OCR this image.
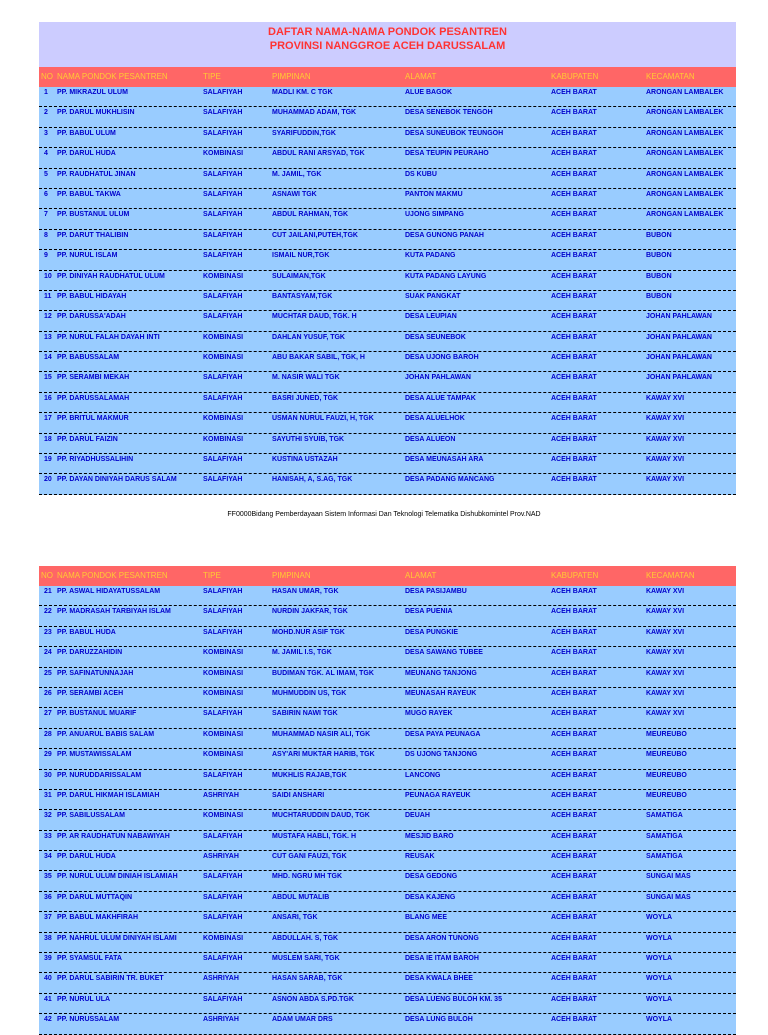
DAFTAR NAMA-NAMA PONDOK PESANTREN
PROVINSI NANGGROE ACEH DARUSSALAM
NO NAMA PONDOK PESANTREN	TIPE	PIMPINAN	ALAMAT	KABUPATEN	KECAMATAN
1	PP. MIKRAZUL ULUM	SALAFIYAH	MADLI KM. C TGK	ALUE BAGOK	ACEH BARAT	ARONGAN LAMBALEK
2	PP. DARUL MUKHLISIN	SALAFIYAH	MUHAMMAD ADAM, TGK	DESA SENEBOK TENGOH	ACEH BARAT	ARONGAN LAMBALEK
3	PP. BABUL ULUM	SALAFIYAH	SYARIFUDDIN,TGK	DESA SUNEUBOK TEUNGOH	ACEH BARAT	ARONGAN LAMBALEK
4	PP. DARUL HUDA	KOMBINASI	ABDUL RANI ARSYAD, TGK	DESA TEUPIN PEURAHO	ACEH BARAT	ARONGAN LAMBALEK
5	PP. RAUDHATUL JINAN	SALAFIYAH	M. JAMIL, TGK	DS KUBU	ACEH BARAT	ARONGAN LAMBALEK
6	PP. BABUL TAKWA	SALAFIYAH	ASNAWI TGK	PANTON MAKMU	ACEH BARAT	ARONGAN LAMBALEK
7	PP. BUSTANUL ULUM	SALAFIYAH	ABDUL RAHMAN, TGK	UJONG SIMPANG	ACEH BARAT	ARONGAN LAMBALEK
8	PP. DARUT THALIBIN	SALAFIYAH	CUT JAILANI,PUTEH,TGK	DESA GUNONG PANAH	ACEH BARAT	BUBON
9	PP. NURUL ISLAM	SALAFIYAH	ISMAIL NUR,TGK	KUTA PADANG	ACEH BARAT	BUBON
10 PP. DINIYAH RAUDHATUL ULUM	KOMBINASI	SULAIMAN,TGK	KUTA PADANG LAYUNG	ACEH BARAT	BUBON
11 PP. BABUL HIDAYAH	SALAFIYAH	BANTASYAM,TGK	SUAK PANGKAT	ACEH BARAT	BUBON
12 PP. DARUSSA'ADAH	SALAFIYAH	MUCHTAR DAUD, TGK. H	DESA LEUPIAN	ACEH BARAT	JOHAN PAHLAWAN
13 PP. NURUL FALAH DAYAH INTI	KOMBINASI	DAHLAN YUSUF, TGK	DESA SEUNEBOK	ACEH BARAT	JOHAN PAHLAWAN
14 PP. BABUSSALAM	KOMBINASI	ABU BAKAR SABIL, TGK, H	DESA UJONG BAROH	ACEH BARAT	JOHAN PAHLAWAN
15 PP. SERAMBI MEKAH	SALAFIYAH	M. NASIR WALI TGK	JOHAN PAHLAWAN	ACEH BARAT	JOHAN PAHLAWAN
16 PP. DARUSSALAMAH	SALAFIYAH	BASRI JUNED, TGK	DESA ALUE TAMPAK	ACEH BARAT	KAWAY XVI
17 PP. BRITUL MAKMUR	KOMBINASI	USMAN NURUL FAUZI, H, TGK	DESA ALUELHOK	ACEH BARAT	KAWAY XVI
18 PP. DARUL FAIZIN	KOMBINASI	SAYUTHI SYUIB, TGK	DESA ALUEON	ACEH BARAT	KAWAY XVI
19 PP. RIYADHUSSALIHIN	SALAFIYAH	KUSTINA USTAZAH	DESA MEUNASAH ARA	ACEH BARAT	KAWAY XVI
20 PP. DAYAN DINIYAH DARUS SALAM	SALAFIYAH	HANISAH, A, S.AG, TGK	DESA PADANG MANCANG	ACEH BARAT	KAWAY XVI
FF0000Bidang Pemberdayaan Sistem Informasi Dan Teknologi Telematika Dishubkomintel Prov.NAD
NO NAMA PONDOK PESANTREN	TIPE	PIMPINAN	ALAMAT	KABUPATEN	KECAMATAN
21 PP. ASWAL HIDAYATUSSALAM	SALAFIYAH	HASAN UMAR, TGK	DESA PASIJAMBU	ACEH BARAT	KAWAY XVI
22 PP. MADRASAH TARBIYAH ISLAM	SALAFIYAH	NURDIN JAKFAR, TGK	DESA PUENIA	ACEH BARAT	KAWAY XVI
23 PP. BABUL HUDA	SALAFIYAH	MOHD.NUR ASIF TGK	DESA PUNGKIE	ACEH BARAT	KAWAY XVI
24 PP. DARUZZAHIDIN	KOMBINASI	M. JAMIL I.S, TGK	DESA SAWANG TUBEE	ACEH BARAT	KAWAY XVI
25 PP. SAFINATUNNAJAH	KOMBINASI	BUDIMAN TGK. AL IMAM, TGK	MEUNANG TANJONG	ACEH BARAT	KAWAY XVI
26 PP. SERAMBI ACEH	KOMBINASI	MUHMUDDIN US, TGK	MEUNASAH RAYEUK	ACEH BARAT	KAWAY XVI
27 PP. BUSTANUL MUARIF	SALAFIYAH	SABIRIN NAWI TGK	MUGO RAYEK	ACEH BARAT	KAWAY XVI
28 PP. ANUARUL BABIS SALAM	KOMBINASI	MUHAMMAD NASIR ALI, TGK	DESA PAYA PEUNAGA	ACEH BARAT	MEUREUBO
29 PP. MUSTAWISSALAM	KOMBINASI	ASY'ARI MUKTAR HARIB, TGK	DS UJONG TANJONG	ACEH BARAT	MEUREUBO
30 PP. NURUDDARISSALAM	SALAFIYAH	MUKHLIS RAJAB,TGK	LANCONG	ACEH BARAT	MEUREUBO
31 PP. DARUL HIKMAH ISLAMIAH	ASHRIYAH	SAIDI ANSHARI	PEUNAGA RAYEUK	ACEH BARAT	MEUREUBO
32 PP. SABILUSSALAM	KOMBINASI	MUCHTARUDDIN DAUD, TGK	DEUAH	ACEH BARAT	SAMATIGA
33 PP. AR RAUDHATUN NABAWIYAH	SALAFIYAH	MUSTAFA HABLI, TGK. H	MESJID BARO	ACEH BARAT	SAMATIGA
34 PP. DARUL HUDA	ASHRIYAH	CUT GANI FAUZI, TGK	REUSAK	ACEH BARAT	SAMATIGA
35 PP. NURUL ULUM DINIAH ISLAMIAH	SALAFIYAH	MHD. NGRU MH TGK	DESA GEDONG	ACEH BARAT	SUNGAI MAS
36 PP. DARUL MUTTAQIN	SALAFIYAH	ABDUL MUTALIB	DESA KAJENG	ACEH BARAT	SUNGAI MAS
37 PP. BABUL MAKHFIRAH	SALAFIYAH	ANSARI, TGK	BLANG MEE	ACEH BARAT	WOYLA
38 PP. NAHRUL ULUM DINIYAH ISLAMI	KOMBINASI	ABDULLAH. S, TGK	DESA ARON TUNONG	ACEH BARAT	WOYLA
39 PP. SYAMSUL FATA	SALAFIYAH	MUSLEM SARI, TGK	DESA IE ITAM BAROH	ACEH BARAT	WOYLA
40 PP. DARUL SABIRIN TR. BUKET	ASHRIYAH	HASAN SARAB, TGK	DESA KWALA BHEE	ACEH BARAT	WOYLA
41 PP. NURUL ULA	SALAFIYAH	ASNON ABDA S.PD.TGK	DESA LUENG BULOH KM. 35	ACEH BARAT	WOYLA
42 PP. NURUSSALAM	ASHRIYAH	ADAM UMAR DRS	DESA LUNG BULOH	ACEH BARAT	WOYLA
